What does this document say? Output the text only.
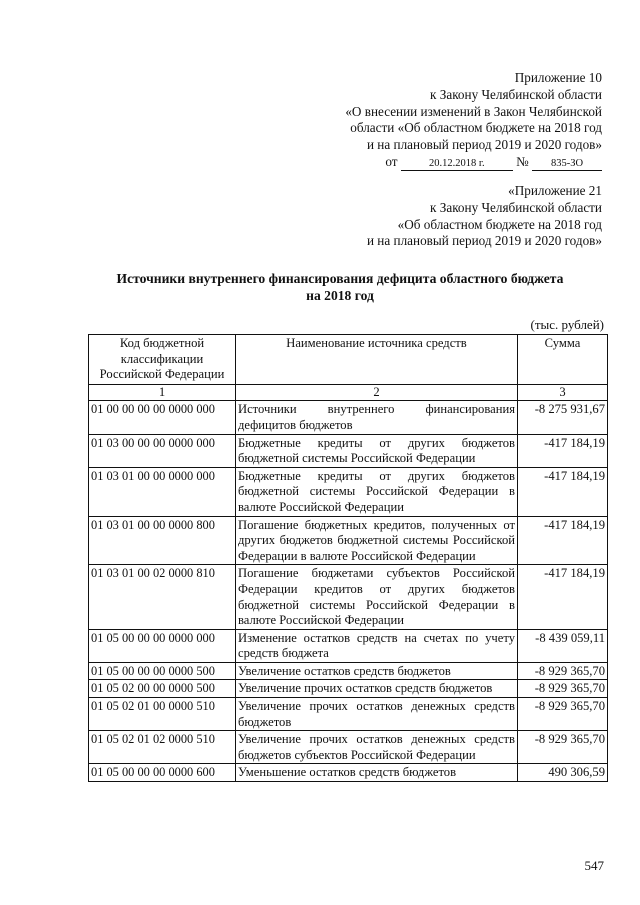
Приложение 10
к Закону Челябинской области
«О внесении изменений в Закон Челябинской
области «Об областном бюджете на 2018 год
и на плановый период 2019 и 2020 годов»
от	20.12.2018 г. № 835-ЗО
«Приложение 21
к Закону Челябинской области
«Об областном бюджете на 2018 год
и на плановый период 2019 и 2020 годов»
Источники внутреннего финансирования дефицита областного бюджета
на 2018 год
(тыс. рублей)
Код бюджетной классификации Российской Федерации	Наименование источника средств	Сумма
1	2	3
01 00 00 00 00 0000 000	Источники внутреннего финансирования дефицитов бюджетов	-8 275 931,67
01 03 00 00 00 0000 000	Бюджетные кредиты от других бюджетов бюджетной системы Российской Федерации	-417 184,19
01 03 01 00 00 0000 000	Бюджетные кредиты от других бюджетов бюджетной системы Российской Федерации в валюте Российской Федерации	-417 184,19
01 03 01 00 00 0000 800	Погашение бюджетных кредитов, полученных от других бюджетов бюджетной системы Российской Федерации в валюте Российской Федерации	-417 184,19
01 03 01 00 02 0000 810	Погашение бюджетами субъектов Российской Федерации кредитов от других бюджетов бюджетной системы Российской Федерации в валюте Российской Федерации	-417 184,19
01 05 00 00 00 0000 000	Изменение остатков средств на счетах по учету средств бюджета	-8 439 059,11
01 05 00 00 00 0000 500	Увеличение остатков средств бюджетов	-8 929 365,70
01 05 02 00 00 0000 500	Увеличение прочих остатков средств бюджетов	-8 929 365,70
01 05 02 01 00 0000 510	Увеличение прочих остатков денежных средств бюджетов	-8 929 365,70
01 05 02 01 02 0000 510	Увеличение прочих остатков денежных средств бюджетов субъектов Российской Федерации	-8 929 365,70
01 05 00 00 00 0000 600	Уменьшение остатков средств бюджетов	490 306,59
547
